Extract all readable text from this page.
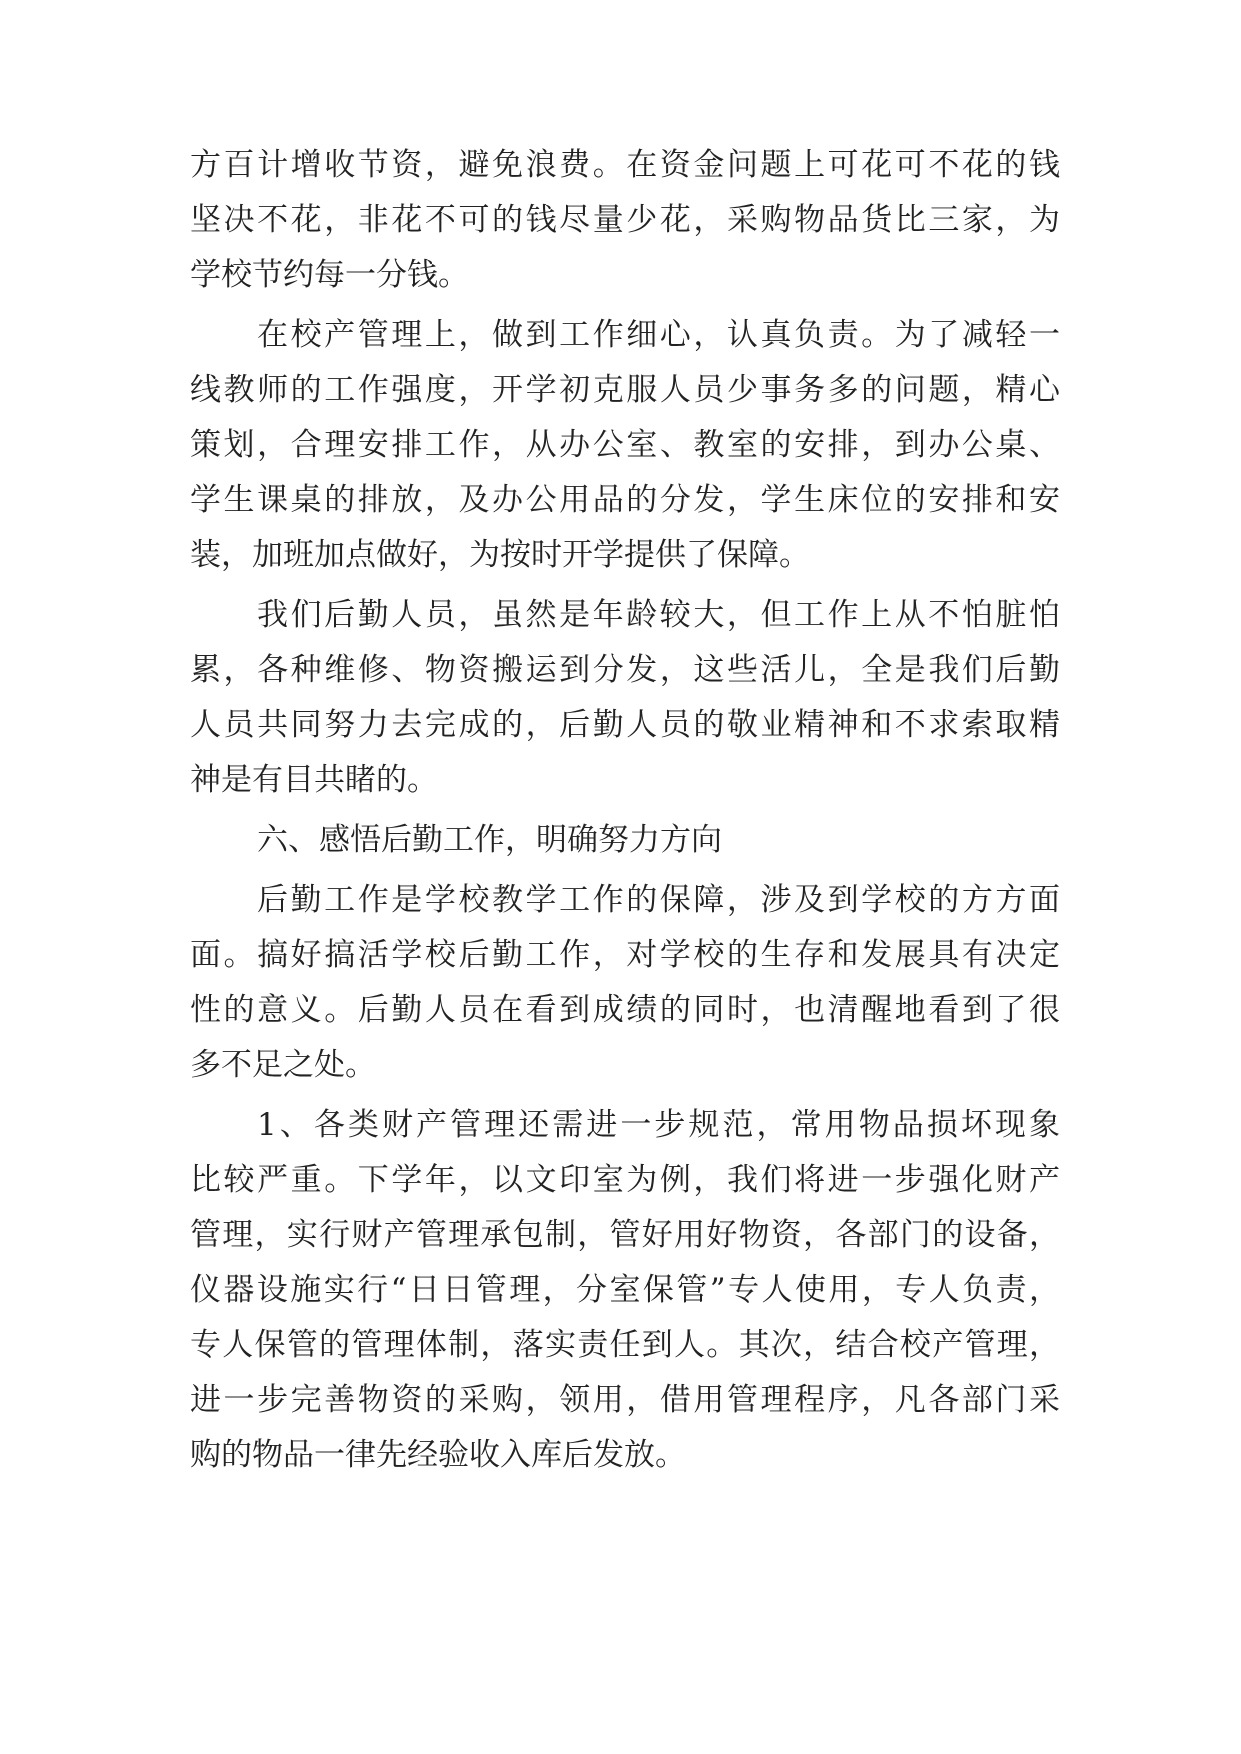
方百计增收节资，避免浪费。在资金问题上可花可不花的钱
坚决不花，非花不可的钱尽量少花，采购物品货比三家，为
学校节约每一分钱。
在校产管理上，做到工作细心，认真负责。为了减轻一
线教师的工作强度，开学初克服人员少事务多的问题，精心
策划，合理安排工作，从办公室、教室的安排，到办公桌、
学生课桌的排放，及办公用品的分发，学生床位的安排和安
装，加班加点做好，为按时开学提供了保障。
我们后勤人员，虽然是年龄较大，但工作上从不怕脏怕
累，各种维修、物资搬运到分发，这些活儿，全是我们后勤
人员共同努力去完成的，后勤人员的敬业精神和不求索取精
神是有目共睹的。
六、感悟后勤工作，明确努力方向
后勤工作是学校教学工作的保障，涉及到学校的方方面
面。搞好搞活学校后勤工作，对学校的生存和发展具有决定
性的意义。后勤人员在看到成绩的同时，也清醒地看到了很
多不足之处。
1、各类财产管理还需进一步规范，常用物品损坏现象
比较严重。下学年，以文印室为例，我们将进一步强化财产
管理，实行财产管理承包制，管好用好物资，各部门的设备，
仪器设施实行“日日管理，分室保管”专人使用，专人负责，
专人保管的管理体制，落实责任到人。其次，结合校产管理，
进一步完善物资的采购，领用，借用管理程序，凡各部门采
购的物品一律先经验收入库后发放。
